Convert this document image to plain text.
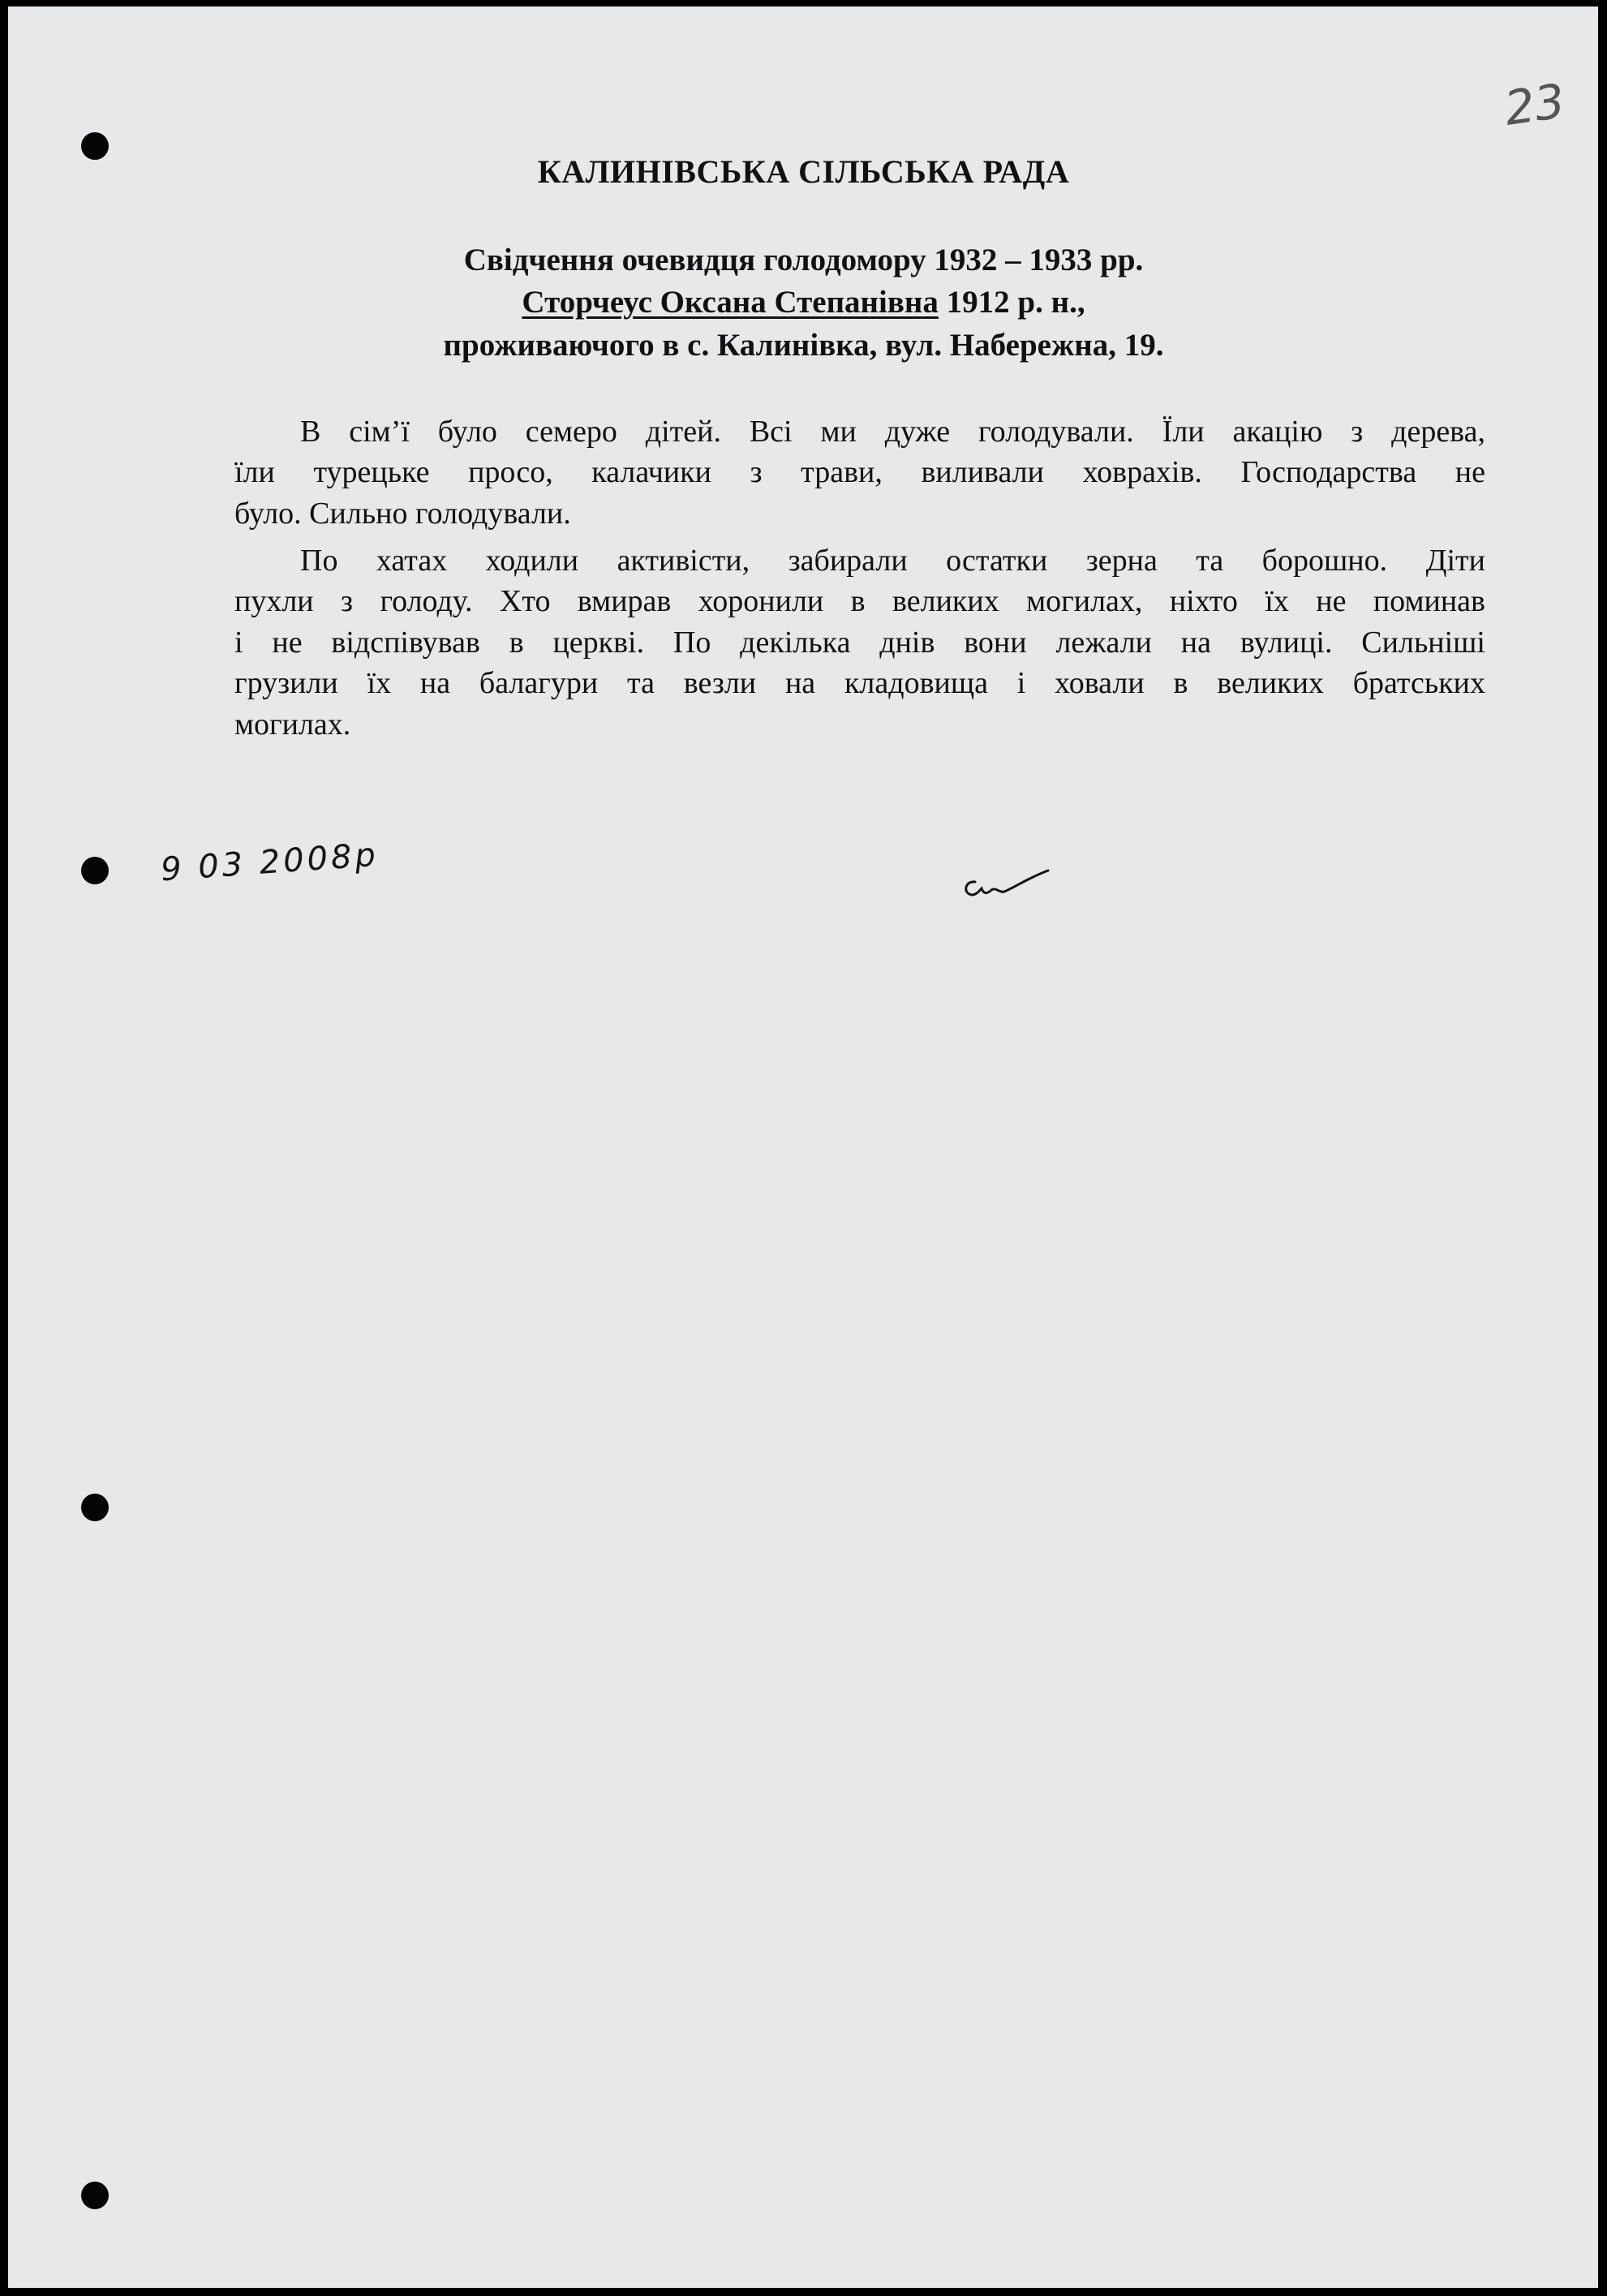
23
КАЛИНІВСЬКА СІЛЬСЬКА РАДА
Свідчення очевидця голодомору 1932 – 1933 рр.
Сторчеус Оксана Степанівна 1912 р. н.,
проживаючого в с. Калинівка, вул. Набережна, 19.
В сім’ї було семеро дітей. Всі ми дуже голодували. Їли акацію з дерева,
їли турецьке просо, калачики з трави, виливали ховрахів. Господарства не
було. Сильно голодували.
По хатах ходили активісти, забирали остатки зерна та борошно. Діти
пухли з голоду. Хто вмирав хоронили в великих могилах, ніхто їх не поминав
і не відспівував в церкві. По декілька днів вони лежали на вулиці. Сильніші
грузили їх на балагури та везли на кладовища і ховали в великих братських
могилах.
9 03 2008р
